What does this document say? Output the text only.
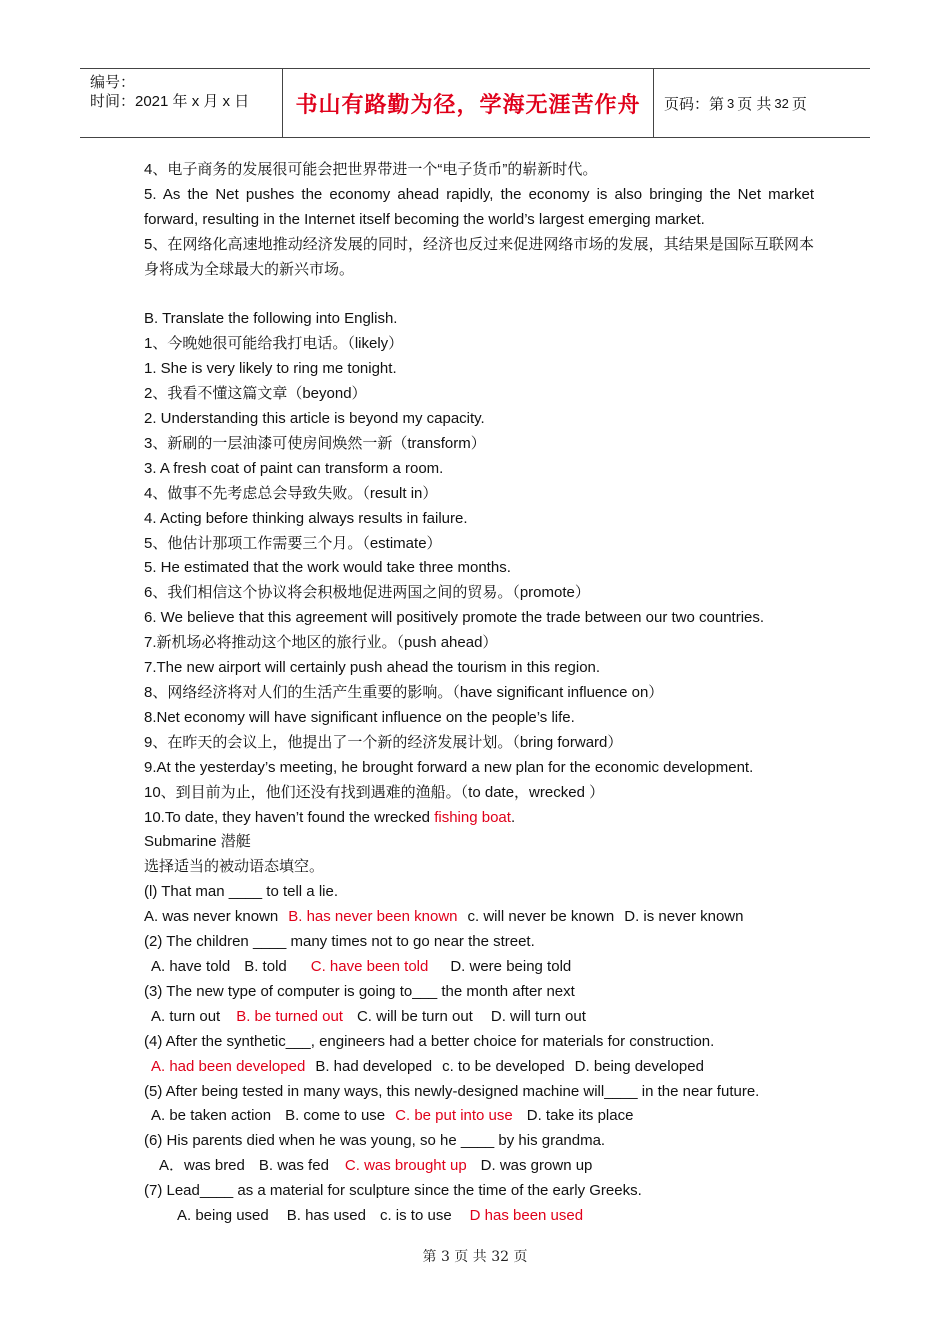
编号：
时间：2021 年 x 月 x 日	书山有路勤为径，学海无涯苦作舟	页码：第 3 页 共 32 页

4、电子商务的发展很可能会把世界带进一个“电子货币”的崭新时代。

5. As the Net pushes the economy ahead rapidly, the economy is also bringing the Net market forward, resulting in the Internet itself becoming the world’s largest emerging market.

5、在网络化高速地推动经济发展的同时，经济也反过来促进网络市场的发展，其结果是国际互联网本身将成为全球最大的新兴市场。

B. Translate the following into English.

1、今晚她很可能给我打电话。（likely）

1. She is very likely to ring me tonight.

2、我看不懂这篇文章（beyond）

2. Understanding this article is beyond my capacity.

3、新刷的一层油漆可使房间焕然一新（transform）

3. A fresh coat of paint can transform a room.

4、做事不先考虑总会导致失败。（result in）

4. Acting before thinking always results in failure.

5、他估计那项工作需要三个月。（estimate）

5. He estimated that the work would take three months.

6、我们相信这个协议将会积极地促进两国之间的贸易。（promote）

6. We believe that this agreement will positively promote the trade between our two countries.

7.新机场必将推动这个地区的旅行业。（push ahead）

7.The new airport will certainly push ahead the tourism in this region.

8、网络经济将对人们的生活产生重要的影响。（have significant influence on）

8.Net economy will have significant influence on the people’s life.

9、在昨天的会议上，他提出了一个新的经济发展计划。（bring forward）

9.At the yesterday’s meeting, he brought forward a new plan for the economic development.

10、到目前为止，他们还没有找到遇难的渔船。（to date，wrecked ）

10.To date, they haven’t found the wrecked fishing boat.

Submarine 潜艇

选择适当的被动语态填空。

(l) That man ____ to tell a lie.

A. was never known B. has never been known c. will never be known D. is never known

(2) The children ____ many times not to go near the street.

A. have told B. told C. have been told D. were being told

(3) The new type of computer is going to___ the month after next

A. turn out B. be turned out C. will be turn out D. will turn out

(4) After the synthetic___, engineers had a better choice for materials for construction.

A. had been developed B. had developed c. to be developed D. being developed

(5) After being tested in many ways, this newly-designed machine will____ in the near future.

A. be taken action B. come to use C. be put into use D. take its place

(6) His parents died when he was young, so he ____ by his grandma.

A．was bred B. was fed C. was brought up D. was grown up

(7) Lead____ as a material for sculpture since the time of the early Greeks.

A. being used B. has used c. is to use D has been used

第 3 页 共 32 页
